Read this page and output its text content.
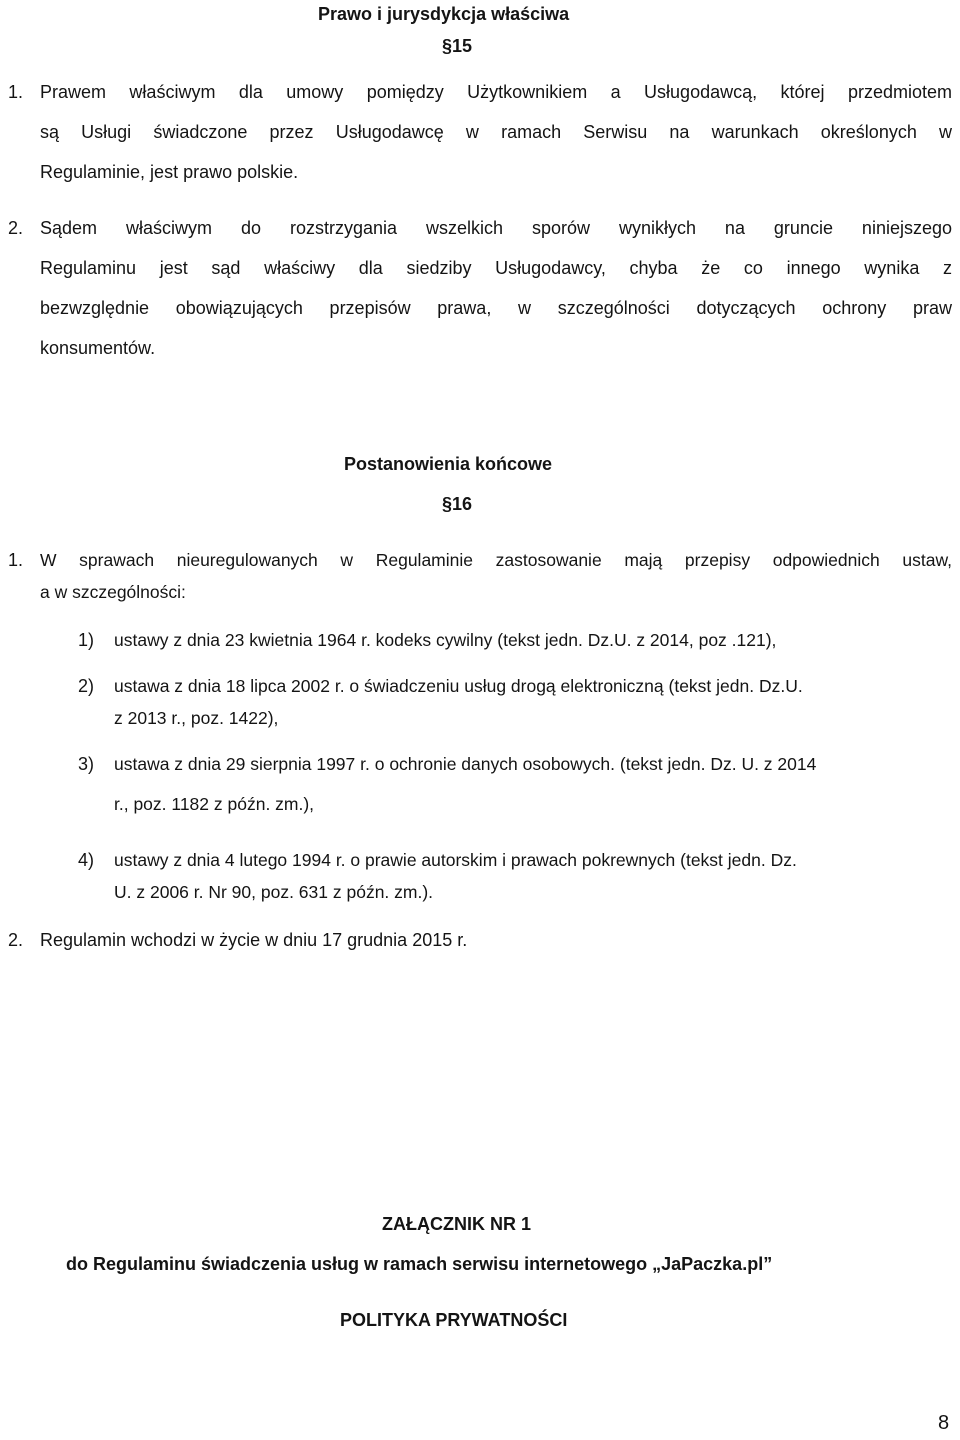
Prawo i jurysdykcja właściwa
§15
1. Prawem właściwym dla umowy pomiędzy Użytkownikiem a Usługodawcą, której przedmiotem
są Usługi świadczone przez Usługodawcę w ramach Serwisu na warunkach określonych w
Regulaminie, jest prawo polskie.
2. Sądem właściwym do rozstrzygania wszelkich sporów wynikłych na gruncie niniejszego
Regulaminu jest sąd właściwy dla siedziby Usługodawcy, chyba że co innego wynika z
bezwzględnie obowiązujących przepisów prawa, w szczególności dotyczących ochrony praw
konsumentów.
Postanowienia końcowe
§16
1. W sprawach nieuregulowanych w Regulaminie zastosowanie mają przepisy odpowiednich ustaw,
a w szczególności:
1) ustawy z dnia 23 kwietnia 1964 r. kodeks cywilny (tekst jedn. Dz.U. z 2014, poz .121),
2) ustawa z dnia 18 lipca 2002 r. o świadczeniu usług drogą elektroniczną (tekst jedn. Dz.U.
z 2013 r., poz. 1422),
3) ustawa z dnia 29 sierpnia 1997 r. o ochronie danych osobowych. (tekst jedn. Dz. U. z 2014
r., poz. 1182 z późn. zm.),
4) ustawy z dnia 4 lutego 1994 r. o prawie autorskim i prawach pokrewnych (tekst jedn. Dz.
U. z 2006 r. Nr 90, poz. 631 z późn. zm.).
2. Regulamin wchodzi w życie w dniu 17 grudnia 2015 r.
ZAŁĄCZNIK NR 1
do Regulaminu świadczenia usług w ramach serwisu internetowego „JaPaczka.pl”
POLITYKA PRYWATNOŚCI
8
